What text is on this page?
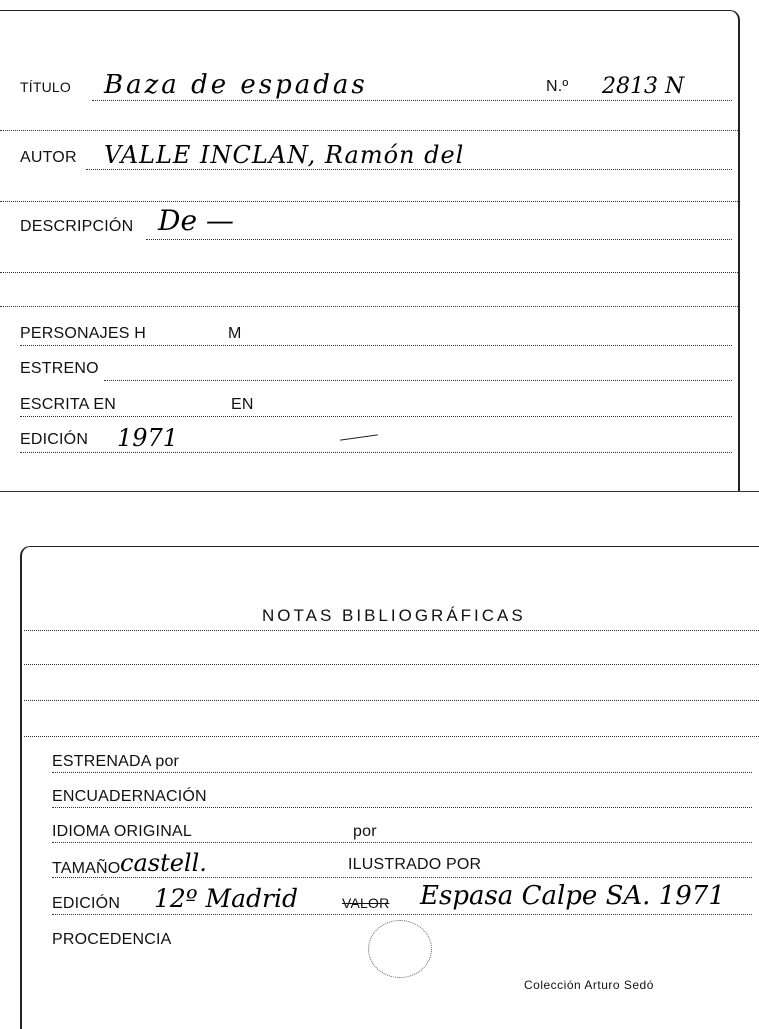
TÍTULO Baza de espadas	N.º 2813 N
AUTOR VALLE INCLAN, Ramón del
DESCRIPCIÓN De —
PERSONAJES H	M
ESTRENO
ESCRITA EN	EN
EDICIÓN 1971
NOTAS BIBLIOGRÁFICAS
ESTRENADA por
ENCUADERNACIÓN
IDIOMA ORIGINAL	por
TAMAÑO castell.	ILUSTRADO POR
EDICIÓN 12º Madrid	VALOR Espasa Calpe SA. 1971
PROCEDENCIA
Colección Arturo Sedó
